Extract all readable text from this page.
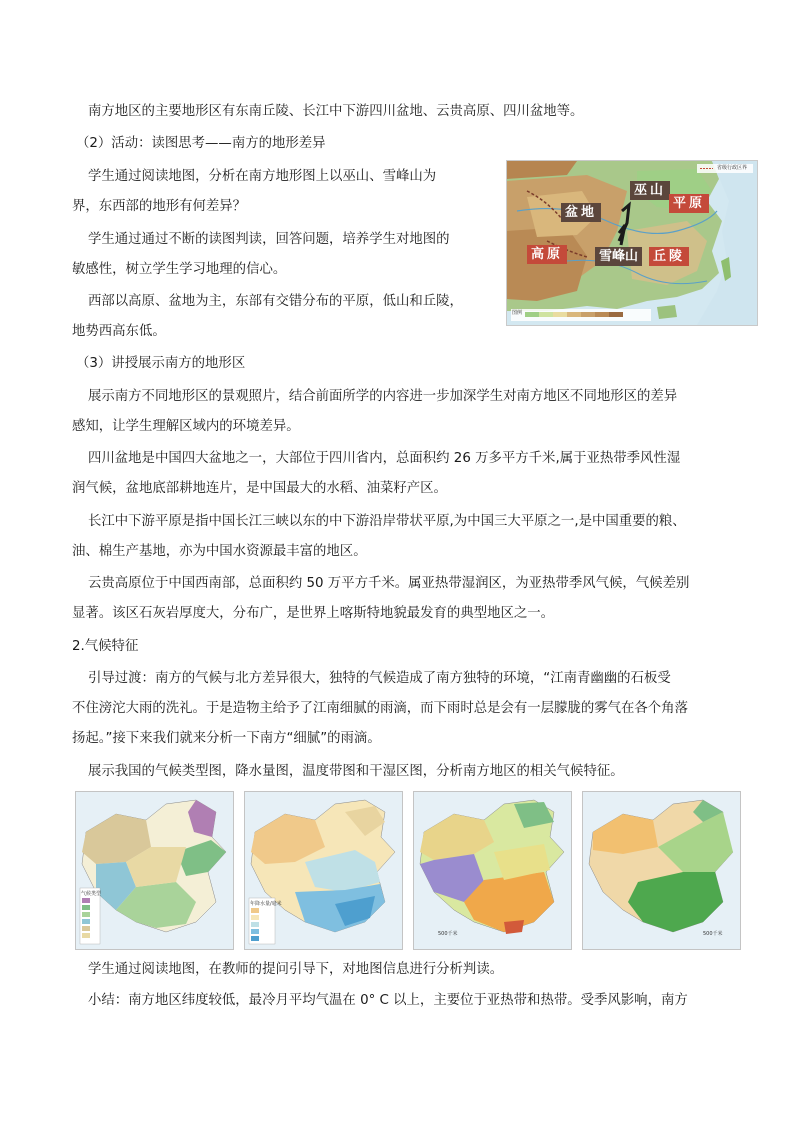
南方地区的主要地形区有东南丘陵、长江中下游四川盆地、云贵高原、四川盆地等。

（2）活动：读图思考——南方的地形差异

学生通过阅读地图，分析在南方地形图上以巫山、雪峰山为

界，东西部的地形有何差异？

学生通过通过不断的读图判读，回答问题，培养学生对地图的

敏感性，树立学生学习地理的信心。

西部以高原、盆地为主，东部有交错分布的平原，低山和丘陵，

地势西高东低。

图例
省级行政区界
巫山
平原
盆地
高原	雪峰山	丘陵

（3）讲授展示南方的地形区

展示南方不同地形区的景观照片，结合前面所学的内容进一步加深学生对南方地区不同地形区的差异

感知，让学生理解区域内的环境差异。

四川盆地是中国四大盆地之一，大部位于四川省内，总面积约 26 万多平方千米,属于亚热带季风性湿

润气候，盆地底部耕地连片，是中国最大的水稻、油菜籽产区。

长江中下游平原是指中国长江三峡以东的中下游沿岸带状平原,为中国三大平原之一,是中国重要的粮、

油、棉生产基地，亦为中国水资源最丰富的地区。

云贵高原位于中国西南部，总面积约 50 万平方千米。属亚热带湿润区，为亚热带季风气候，气候差别

显著。该区石灰岩厚度大，分布广，是世界上喀斯特地貌最发育的典型地区之一。

2.气候特征

引导过渡：南方的气候与北方差异很大，独特的气候造成了南方独特的环境，“江南青幽幽的石板受

不住滂沱大雨的洗礼。于是造物主给予了江南细腻的雨滴，而下雨时总是会有一层朦胧的雾气在各个角落

扬起。”接下来我们就来分析一下南方“细腻”的雨滴。

展示我国的气候类型图，降水量图，温度带图和干湿区图，分析南方地区的相关气候特征。

气候类型
年降水量/毫米
500千米	500千米

学生通过阅读地图，在教师的提问引导下，对地图信息进行分析判读。

小结：南方地区纬度较低，最冷月平均气温在 0° C 以上，主要位于亚热带和热带。受季风影响，南方
